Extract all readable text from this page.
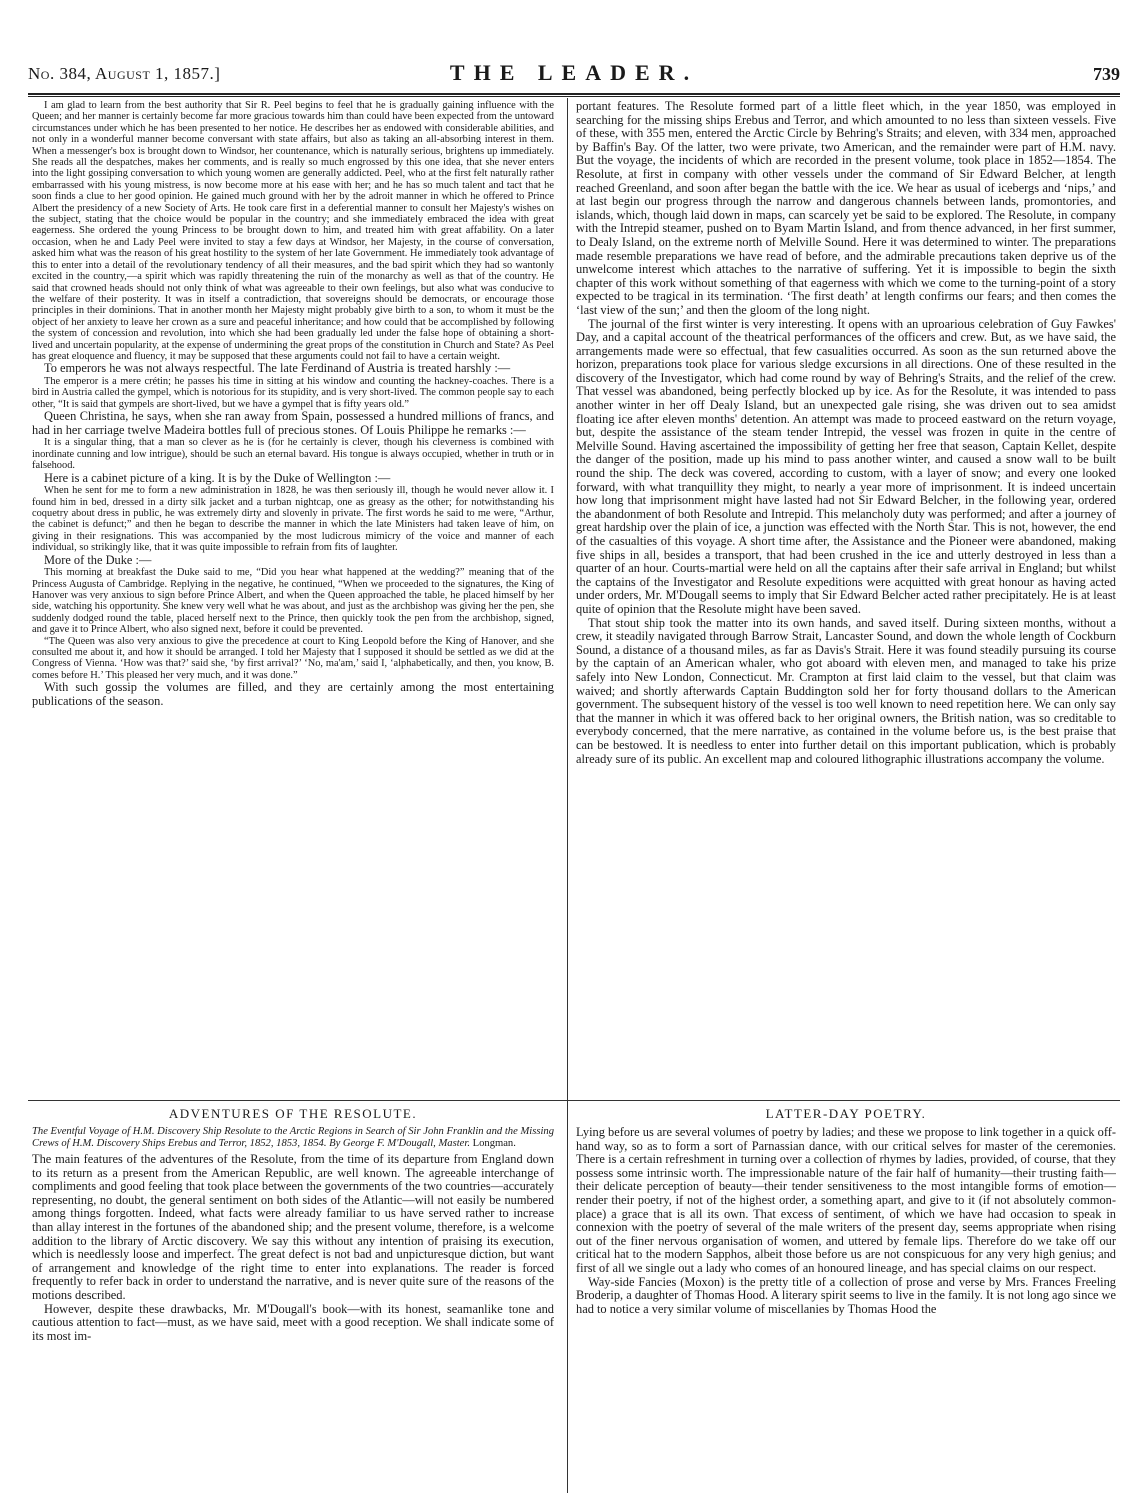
No. 384, August 1, 1857.]	THE LEADER.	739

I am glad to learn from the best authority that Sir R. Peel begins to feel that he is gradually gaining influence with the Queen; and her manner is certainly become far more gracious towards him than could have been expected from the untoward circumstances under which he has been presented to her notice. He describes her as endowed with considerable abilities, and not only in a wonderful manner become conversant with state affairs, but also as taking an all-absorbing interest in them. When a messenger's box is brought down to Windsor, her countenance, which is naturally serious, brightens up immediately. She reads all the despatches, makes her comments, and is really so much engrossed by this one idea, that she never enters into the light gossiping conversation to which young women are generally addicted. Peel, who at the first felt naturally rather embarrassed with his young mistress, is now become more at his ease with her; and he has so much talent and tact that he soon finds a clue to her good opinion. He gained much ground with her by the adroit manner in which he offered to Prince Albert the presidency of a new Society of Arts. He took care first in a deferential manner to consult her Majesty's wishes on the subject, stating that the choice would be popular in the country; and she immediately embraced the idea with great eagerness. She ordered the young Princess to be brought down to him, and treated him with great affability. On a later occasion, when he and Lady Peel were invited to stay a few days at Windsor, her Majesty, in the course of conversation, asked him what was the reason of his great hostility to the system of her late Government. He immediately took advantage of this to enter into a detail of the revolutionary tendency of all their measures, and the bad spirit which they had so wantonly excited in the country,—a spirit which was rapidly threatening the ruin of the monarchy as well as that of the country. He said that crowned heads should not only think of what was agreeable to their own feelings, but also what was conducive to the welfare of their posterity. It was in itself a contradiction, that sovereigns should be democrats, or encourage those principles in their dominions. That in another month her Majesty might probably give birth to a son, to whom it must be the object of her anxiety to leave her crown as a sure and peaceful inheritance; and how could that be accomplished by following the system of concession and revolution, into which she had been gradually led under the false hope of obtaining a short-lived and uncertain popularity, at the expense of undermining the great props of the constitution in Church and State? As Peel has great eloquence and fluency, it may be supposed that these arguments could not fail to have a certain weight.

To emperors he was not always respectful. The late Ferdinand of Austria is treated harshly :—

The emperor is a mere crétin; he passes his time in sitting at his window and counting the hackney-coaches. There is a bird in Austria called the gympel, which is notorious for its stupidity, and is very short-lived. The common people say to each other, “It is said that gympels are short-lived, but we have a gympel that is fifty years old.”

Queen Christina, he says, when she ran away from Spain, possessed a hundred millions of francs, and had in her carriage twelve Madeira bottles full of precious stones. Of Louis Philippe he remarks :—

It is a singular thing, that a man so clever as he is (for he certainly is clever, though his cleverness is combined with inordinate cunning and low intrigue), should be such an eternal bavard. His tongue is always occupied, whether in truth or in falsehood.

Here is a cabinet picture of a king. It is by the Duke of Wellington :—

When he sent for me to form a new administration in 1828, he was then seriously ill, though he would never allow it. I found him in bed, dressed in a dirty silk jacket and a turban nightcap, one as greasy as the other; for notwithstanding his coquetry about dress in public, he was extremely dirty and slovenly in private. The first words he said to me were, “Arthur, the cabinet is defunct;” and then he began to describe the manner in which the late Ministers had taken leave of him, on giving in their resignations. This was accompanied by the most ludicrous mimicry of the voice and manner of each individual, so strikingly like, that it was quite impossible to refrain from fits of laughter.

More of the Duke :—

This morning at breakfast the Duke said to me, “Did you hear what happened at the wedding?” meaning that of the Princess Augusta of Cambridge. Replying in the negative, he continued, “When we proceeded to the signatures, the King of Hanover was very anxious to sign before Prince Albert, and when the Queen approached the table, he placed himself by her side, watching his opportunity. She knew very well what he was about, and just as the archbishop was giving her the pen, she suddenly dodged round the table, placed herself next to the Prince, then quickly took the pen from the archbishop, signed, and gave it to Prince Albert, who also signed next, before it could be prevented.

“The Queen was also very anxious to give the precedence at court to King Leopold before the King of Hanover, and she consulted me about it, and how it should be arranged. I told her Majesty that I supposed it should be settled as we did at the Congress of Vienna. ‘How was that?’ said she, ‘by first arrival?’ ‘No, ma'am,’ said I, ‘alphabetically, and then, you know, B. comes before H.’ This pleased her very much, and it was done.”

With such gossip the volumes are filled, and they are certainly among the most entertaining publications of the season.

portant features. The Resolute formed part of a little fleet which, in the year 1850, was employed in searching for the missing ships Erebus and Terror, and which amounted to no less than sixteen vessels. Five of these, with 355 men, entered the Arctic Circle by Behring's Straits; and eleven, with 334 men, approached by Baffin's Bay. Of the latter, two were private, two American, and the remainder were part of H.M. navy. But the voyage, the incidents of which are recorded in the present volume, took place in 1852—1854. The Resolute, at first in company with other vessels under the command of Sir Edward Belcher, at length reached Greenland, and soon after began the battle with the ice. We hear as usual of icebergs and ‘nips,’ and at last begin our progress through the narrow and dangerous channels between lands, promontories, and islands, which, though laid down in maps, can scarcely yet be said to be explored. The Resolute, in company with the Intrepid steamer, pushed on to Byam Martin Island, and from thence advanced, in her first summer, to Dealy Island, on the extreme north of Melville Sound. Here it was determined to winter. The preparations made resemble preparations we have read of before, and the admirable precautions taken deprive us of the unwelcome interest which attaches to the narrative of suffering. Yet it is impossible to begin the sixth chapter of this work without something of that eagerness with which we come to the turning-point of a story expected to be tragical in its termination. ‘The first death’ at length confirms our fears; and then comes the ‘last view of the sun;’ and then the gloom of the long night.

The journal of the first winter is very interesting. It opens with an uproarious celebration of Guy Fawkes' Day, and a capital account of the theatrical performances of the officers and crew. But, as we have said, the arrangements made were so effectual, that few casualities occurred. As soon as the sun returned above the horizon, preparations took place for various sledge excursions in all directions. One of these resulted in the discovery of the Investigator, which had come round by way of Behring's Straits, and the relief of the crew. That vessel was abandoned, being perfectly blocked up by ice. As for the Resolute, it was intended to pass another winter in her off Dealy Island, but an unexpected gale rising, she was driven out to sea amidst floating ice after eleven months' detention. An attempt was made to proceed eastward on the return voyage, but, despite the assistance of the steam tender Intrepid, the vessel was frozen in quite in the centre of Melville Sound. Having ascertained the impossibility of getting her free that season, Captain Kellet, despite the danger of the position, made up his mind to pass another winter, and caused a snow wall to be built round the ship. The deck was covered, according to custom, with a layer of snow; and every one looked forward, with what tranquillity they might, to nearly a year more of imprisonment. It is indeed uncertain how long that imprisonment might have lasted had not Sir Edward Belcher, in the following year, ordered the abandonment of both Resolute and Intrepid. This melancholy duty was performed; and after a journey of great hardship over the plain of ice, a junction was effected with the North Star. This is not, however, the end of the casualties of this voyage. A short time after, the Assistance and the Pioneer were abandoned, making five ships in all, besides a transport, that had been crushed in the ice and utterly destroyed in less than a quarter of an hour. Courts-martial were held on all the captains after their safe arrival in England; but whilst the captains of the Investigator and Resolute expeditions were acquitted with great honour as having acted under orders, Mr. M'Dougall seems to imply that Sir Edward Belcher acted rather precipitately. He is at least quite of opinion that the Resolute might have been saved.

That stout ship took the matter into its own hands, and saved itself. During sixteen months, without a crew, it steadily navigated through Barrow Strait, Lancaster Sound, and down the whole length of Cockburn Sound, a distance of a thousand miles, as far as Davis's Strait. Here it was found steadily pursuing its course by the captain of an American whaler, who got aboard with eleven men, and managed to take his prize safely into New London, Connecticut. Mr. Crampton at first laid claim to the vessel, but that claim was waived; and shortly afterwards Captain Buddington sold her for forty thousand dollars to the American government. The subsequent history of the vessel is too well known to need repetition here. We can only say that the manner in which it was offered back to her original owners, the British nation, was so creditable to everybody concerned, that the mere narrative, as contained in the volume before us, is the best praise that can be bestowed. It is needless to enter into further detail on this important publication, which is probably already sure of its public. An excellent map and coloured lithographic illustrations accompany the volume.

ADVENTURES OF THE RESOLUTE.

The Eventful Voyage of H.M. Discovery Ship Resolute to the Arctic Regions in Search of Sir John Franklin and the Missing Crews of H.M. Discovery Ships Erebus and Terror, 1852, 1853, 1854. By George F. M'Dougall, Master. Longman.

The main features of the adventures of the Resolute, from the time of its departure from England down to its return as a present from the American Republic, are well known. The agreeable interchange of compliments and good feeling that took place between the governments of the two countries—accurately representing, no doubt, the general sentiment on both sides of the Atlantic—will not easily be numbered among things forgotten. Indeed, what facts were already familiar to us have served rather to increase than allay interest in the fortunes of the abandoned ship; and the present volume, therefore, is a welcome addition to the library of Arctic discovery. We say this without any intention of praising its execution, which is needlessly loose and imperfect. The great defect is not bad and unpicturesque diction, but want of arrangement and knowledge of the right time to enter into explanations. The reader is forced frequently to refer back in order to understand the narrative, and is never quite sure of the reasons of the motions described.

However, despite these drawbacks, Mr. M'Dougall's book—with its honest, seamanlike tone and cautious attention to fact—must, as we have said, meet with a good reception. We shall indicate some of its most im-

LATTER-DAY POETRY.

Lying before us are several volumes of poetry by ladies; and these we propose to link together in a quick off-hand way, so as to form a sort of Parnassian dance, with our critical selves for master of the ceremonies. There is a certain refreshment in turning over a collection of rhymes by ladies, provided, of course, that they possess some intrinsic worth. The impressionable nature of the fair half of humanity—their trusting faith—their delicate perception of beauty—their tender sensitiveness to the most intangible forms of emotion—render their poetry, if not of the highest order, a something apart, and give to it (if not absolutely common-place) a grace that is all its own. That excess of sentiment, of which we have had occasion to speak in connexion with the poetry of several of the male writers of the present day, seems appropriate when rising out of the finer nervous organisation of women, and uttered by female lips. Therefore do we take off our critical hat to the modern Sapphos, albeit those before us are not conspicuous for any very high genius; and first of all we single out a lady who comes of an honoured lineage, and has special claims on our respect.

Way-side Fancies (Moxon) is the pretty title of a collection of prose and verse by Mrs. Frances Freeling Broderip, a daughter of Thomas Hood. A literary spirit seems to live in the family. It is not long ago since we had to notice a very similar volume of miscellanies by Thomas Hood the
